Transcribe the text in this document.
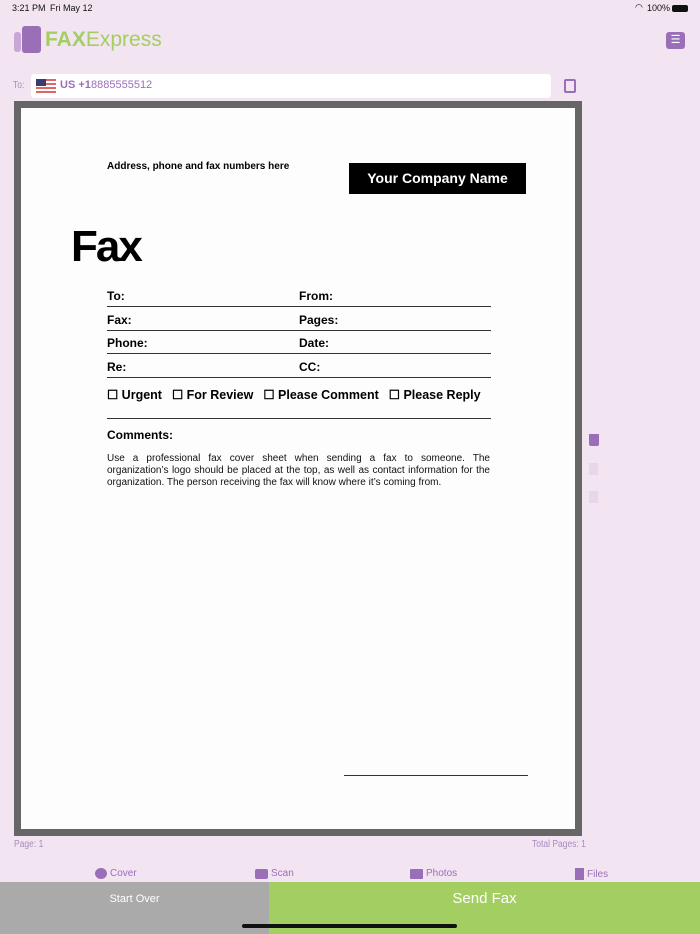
3:21 PM Fri May 12	100%
◠
FAX Express	☰
To:	US +1 8885555512
Address, phone and fax numbers here
Your Company Name
Fax
To:	From:
Fax:	Pages:
Phone:	Date:
Re:	CC:
☐ Urgent ☐ For Review ☐ Please Comment ☐ Please Reply
Comments:
Use a professional fax cover sheet when sending a fax to someone. The organization’s logo should be placed at the top, as well as contact information for the organization. The person receiving the fax will know where it’s coming from.
Page: 1	Total Pages: 1
Cover	Scan	Photos	Files
Start Over	Send Fax
